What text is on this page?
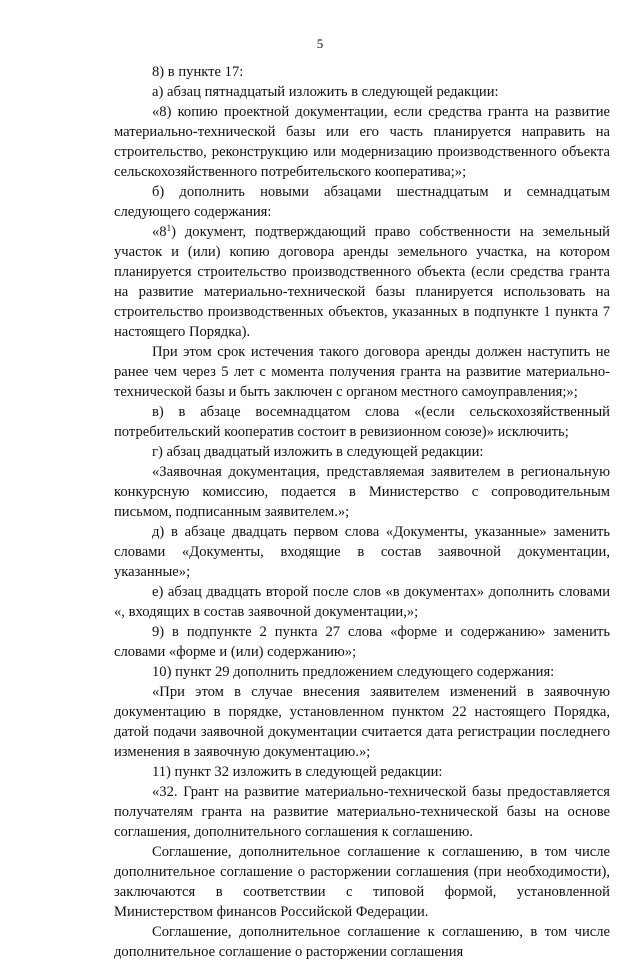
5

8) в пункте 17:

а) абзац пятнадцатый изложить в следующей редакции:

«8) копию проектной документации, если средства гранта на развитие материально-технической базы или его часть планируется направить на строительство, реконструкцию или модернизацию производственного объекта сельскохозяйственного потребительского кооператива;»;

б) дополнить новыми абзацами шестнадцатым и семнадцатым следующего содержания:

«$8^1$) документ, подтверждающий право собственности на земельный участок и (или) копию договора аренды земельного участка, на котором планируется строительство производственного объекта (если средства гранта на развитие материально-технической базы планируется использовать на строительство производственных объектов, указанных в подпункте 1 пункта 7 настоящего Порядка).

При этом срок истечения такого договора аренды должен наступить не ранее чем через 5 лет с момента получения гранта на развитие материально-технической базы и быть заключен с органом местного самоуправления;»;

в) в абзаце восемнадцатом слова «(если сельскохозяйственный потребительский кооператив состоит в ревизионном союзе)» исключить;

г) абзац двадцатый изложить в следующей редакции:

«Заявочная документация, представляемая заявителем в региональную конкурсную комиссию, подается в Министерство с сопроводительным письмом, подписанным заявителем.»;

д) в абзаце двадцать первом слова «Документы, указанные» заменить словами «Документы, входящие в состав заявочной документации, указанные»;

е) абзац двадцать второй после слов «в документах» дополнить словами «, входящих в состав заявочной документации,»;

9) в подпункте 2 пункта 27 слова «форме и содержанию» заменить словами «форме и (или) содержанию»;

10) пункт 29 дополнить предложением следующего содержания:

«При этом в случае внесения заявителем изменений в заявочную документацию в порядке, установленном пунктом 22 настоящего Порядка, датой подачи заявочной документации считается дата регистрации последнего изменения в заявочную документацию.»;

11) пункт 32 изложить в следующей редакции:

«32. Грант на развитие материально-технической базы предоставляется получателям гранта на развитие материально-технической базы на основе соглашения, дополнительного соглашения к соглашению.

Соглашение, дополнительное соглашение к соглашению, в том числе дополнительное соглашение о расторжении соглашения (при необходимости), заключаются в соответствии с типовой формой, установленной Министерством финансов Российской Федерации.

Соглашение, дополнительное соглашение к соглашению, в том числе дополнительное соглашение о расторжении соглашения
